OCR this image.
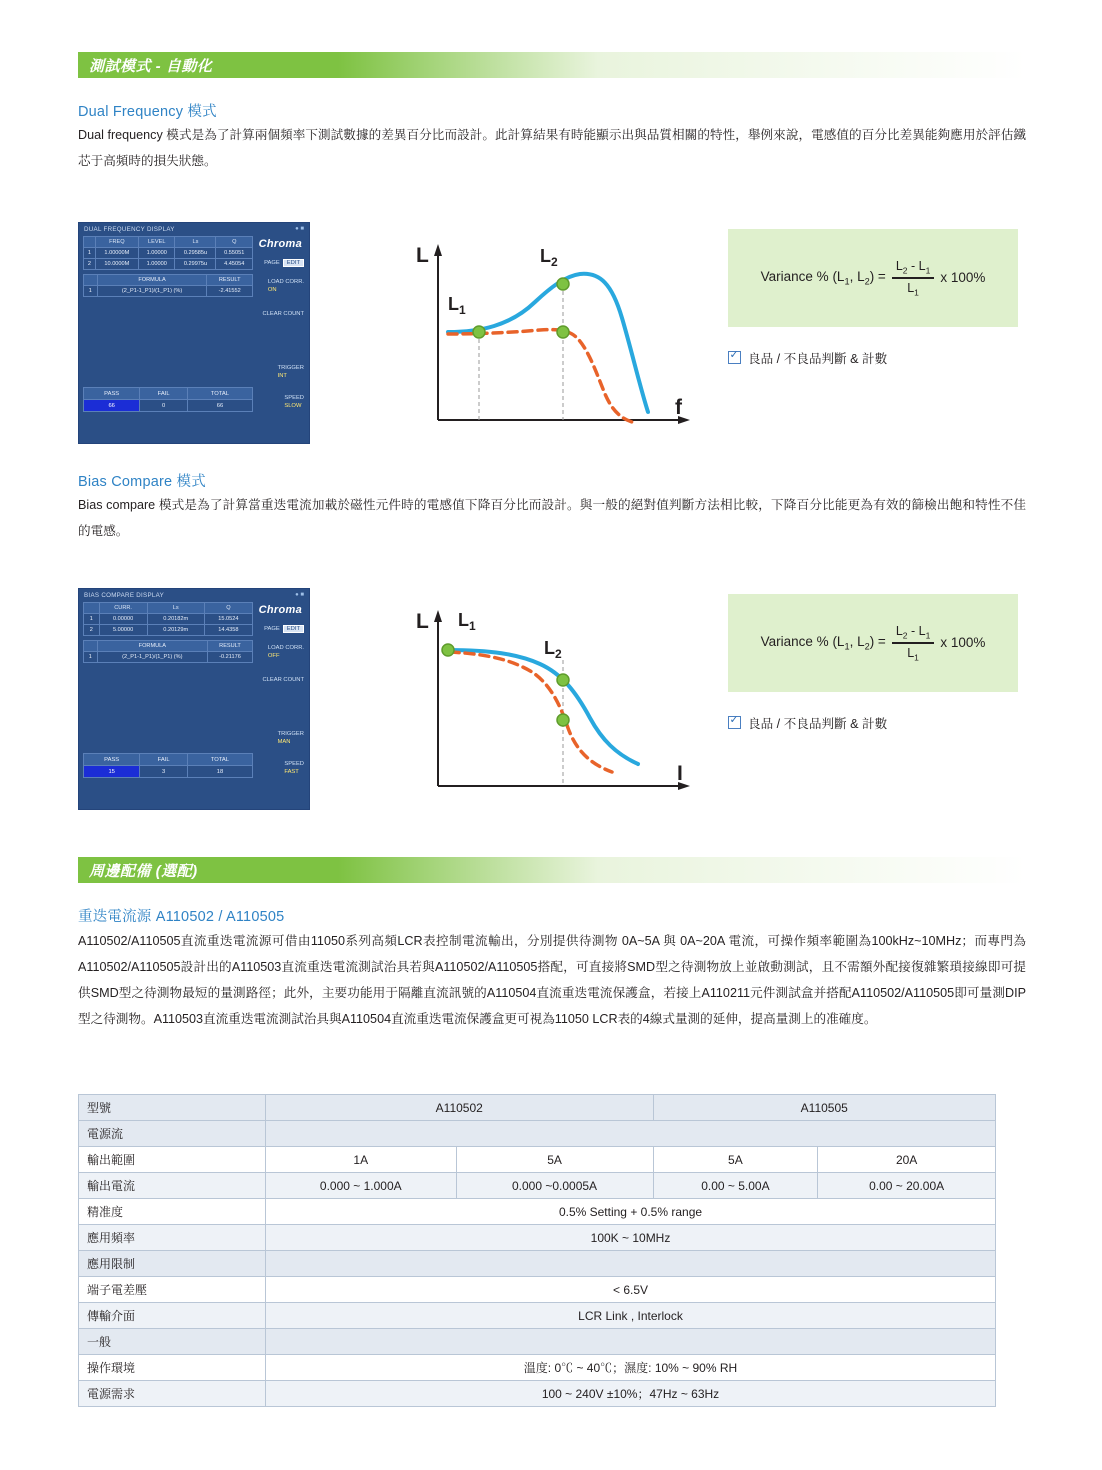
測試模式 - 自動化
Dual Frequency 模式
Dual frequency 模式是為了計算兩個頻率下測試數據的差異百分比而設計。此計算結果有時能顯示出與品質相關的特性，舉例來說，電感值的百分比差異能夠應用於評估鐵芯于高頻時的損失狀態。
DUAL FREQUENCY DISPLAY	● ■
Chroma
	FREQ	LEVEL	Ls	Q
1	1.00000M	1.00000	0.29585u	0.55051
2	10.0000M	1.00000	0.29975u	4.45054
	FORMULA	RESULT
1	(2_P1-1_P1)/(1_P1) (%)	-2.41552
PAGE EDIT
LOAD CORR.
ON
CLEAR COUNT
TRIGGER
INT
SPEED
SLOW
PASS	FAIL	TOTAL
66	0	66
L
f
$L_1$
$L_2$
Variance % ($L_1$, $L_2) = \frac{L_2 - L_1}{L_1}$ x 100%
✓
良品 / 不良品判斷 & 計數
Bias Compare 模式
Bias compare 模式是為了計算當重迭電流加載於磁性元件時的電感值下降百分比而設計。與一般的絕對值判斷方法相比較，下降百分比能更為有效的篩檢出飽和特性不佳的電感。
BIAS COMPARE DISPLAY	● ■
Chroma
	CURR.	Ls	Q
1	0.00000	0.20182m	15.0524
2	5.00000	0.20129m	14.4358
	FORMULA	RESULT
1	(2_P1-1_P1)/(1_P1) (%)	-0.21176
PAGE EDIT
LOAD CORR.
OFF
CLEAR COUNT
TRIGGER
MAN
SPEED
FAST
PASS	FAIL	TOTAL
15	3	18
L
I
$L_1$
$L_2$
Variance % ($L_1$, $L_2) = \frac{L_2 - L_1}{L_1}$ x 100%
✓
良品 / 不良品判斷 & 計數
周邊配備 (選配)
重迭電流源 A110502 / A110505
A110502/A110505直流重迭電流源可借由11050系列高頻LCR表控制電流輸出，分別提供待測物 0A~5A 與 0A~20A 電流，可操作頻率範圍為100kHz~10MHz；而專門為A110502/A110505設計出的A110503直流重迭電流測試治具若與A110502/A110505搭配，可直接將SMD型之待測物放上並啟動測試，且不需額外配接復雜繁瑣接線即可提供SMD型之待測物最短的量測路徑；此外，主要功能用于隔離直流訊號的A110504直流重迭電流保護盒，若接上A110211元件測試盒并搭配A110502/A110505即可量測DIP型之待測物。A110503直流重迭電流測試治具與A110504直流重迭電流保護盒更可視為11050 LCR表的4線式量測的延伸，提高量測上的准確度。
型號	A110502		A110505	
電源流				
輸出範圍	1A	5A	5A	20A
輸出電流	0.000 ~ 1.000A	0.000 ~0.0005A	0.00 ~ 5.00A	0.00 ~ 20.00A
精准度	0.5% Setting + 0.5% range			
應用頻率	100K ~ 10MHz			
應用限制				
端子電差壓	< 6.5V			
傳輸介面	LCR Link , Interlock			
一般				
操作環境	溫度: 0℃ ~ 40℃；濕度: 10% ~ 90% RH			
電源需求	100 ~ 240V ±10%；47Hz ~ 63Hz			
